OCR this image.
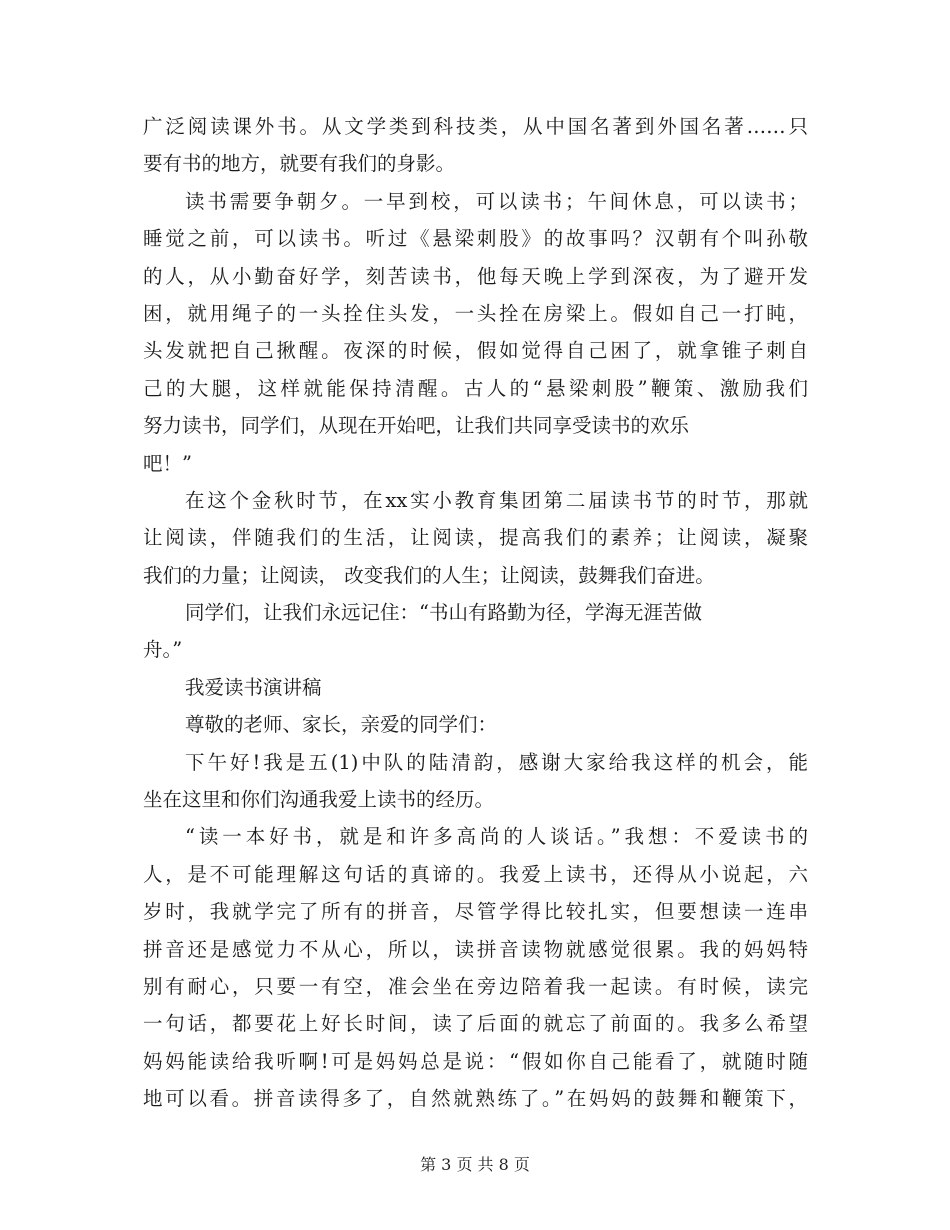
广泛阅读课外书。从文学类到科技类，从中国名著到外国名著……只
要有书的地方，就要有我们的身影。
读书需要争朝夕。一早到校，可以读书；午间休息，可以读书；
睡觉之前，可以读书。听过《悬梁刺股》的故事吗？汉朝有个叫孙敬
的人，从小勤奋好学，刻苦读书，他每天晚上学到深夜，为了避开发
困，就用绳子的一头拴住头发，一头拴在房梁上。假如自己一打盹，
头发就把自己揪醒。夜深的时候，假如觉得自己困了，就拿锥子刺自
己的大腿，这样就能保持清醒。古人的“悬梁刺股”鞭策、激励我们
努力读书，同学们，从现在开始吧，让我们共同享受读书的欢乐
吧！”
在这个金秋时节，在xx实小教育集团第二届读书节的时节，那就
让阅读，伴随我们的生活，让阅读，提高我们的素养；让阅读，凝聚
我们的力量；让阅读， 改变我们的人生；让阅读，鼓舞我们奋进。
同学们，让我们永远记住：“书山有路勤为径，学海无涯苦做
舟。”
我爱读书演讲稿
尊敬的老师、家长，亲爱的同学们：
下午好!我是五(1)中队的陆清韵，感谢大家给我这样的机会，能
坐在这里和你们沟通我爱上读书的经历。
“读一本好书，就是和许多高尚的人谈话。”我想：不爱读书的
人，是不可能理解这句话的真谛的。我爱上读书，还得从小说起，六
岁时，我就学完了所有的拼音，尽管学得比较扎实，但要想读一连串
拼音还是感觉力不从心，所以，读拼音读物就感觉很累。我的妈妈特
别有耐心，只要一有空，准会坐在旁边陪着我一起读。有时候，读完
一句话，都要花上好长时间，读了后面的就忘了前面的。我多么希望
妈妈能读给我听啊!可是妈妈总是说：“假如你自己能看了，就随时随
地可以看。拼音读得多了，自然就熟练了。”在妈妈的鼓舞和鞭策下，
第 3 页 共 8 页
